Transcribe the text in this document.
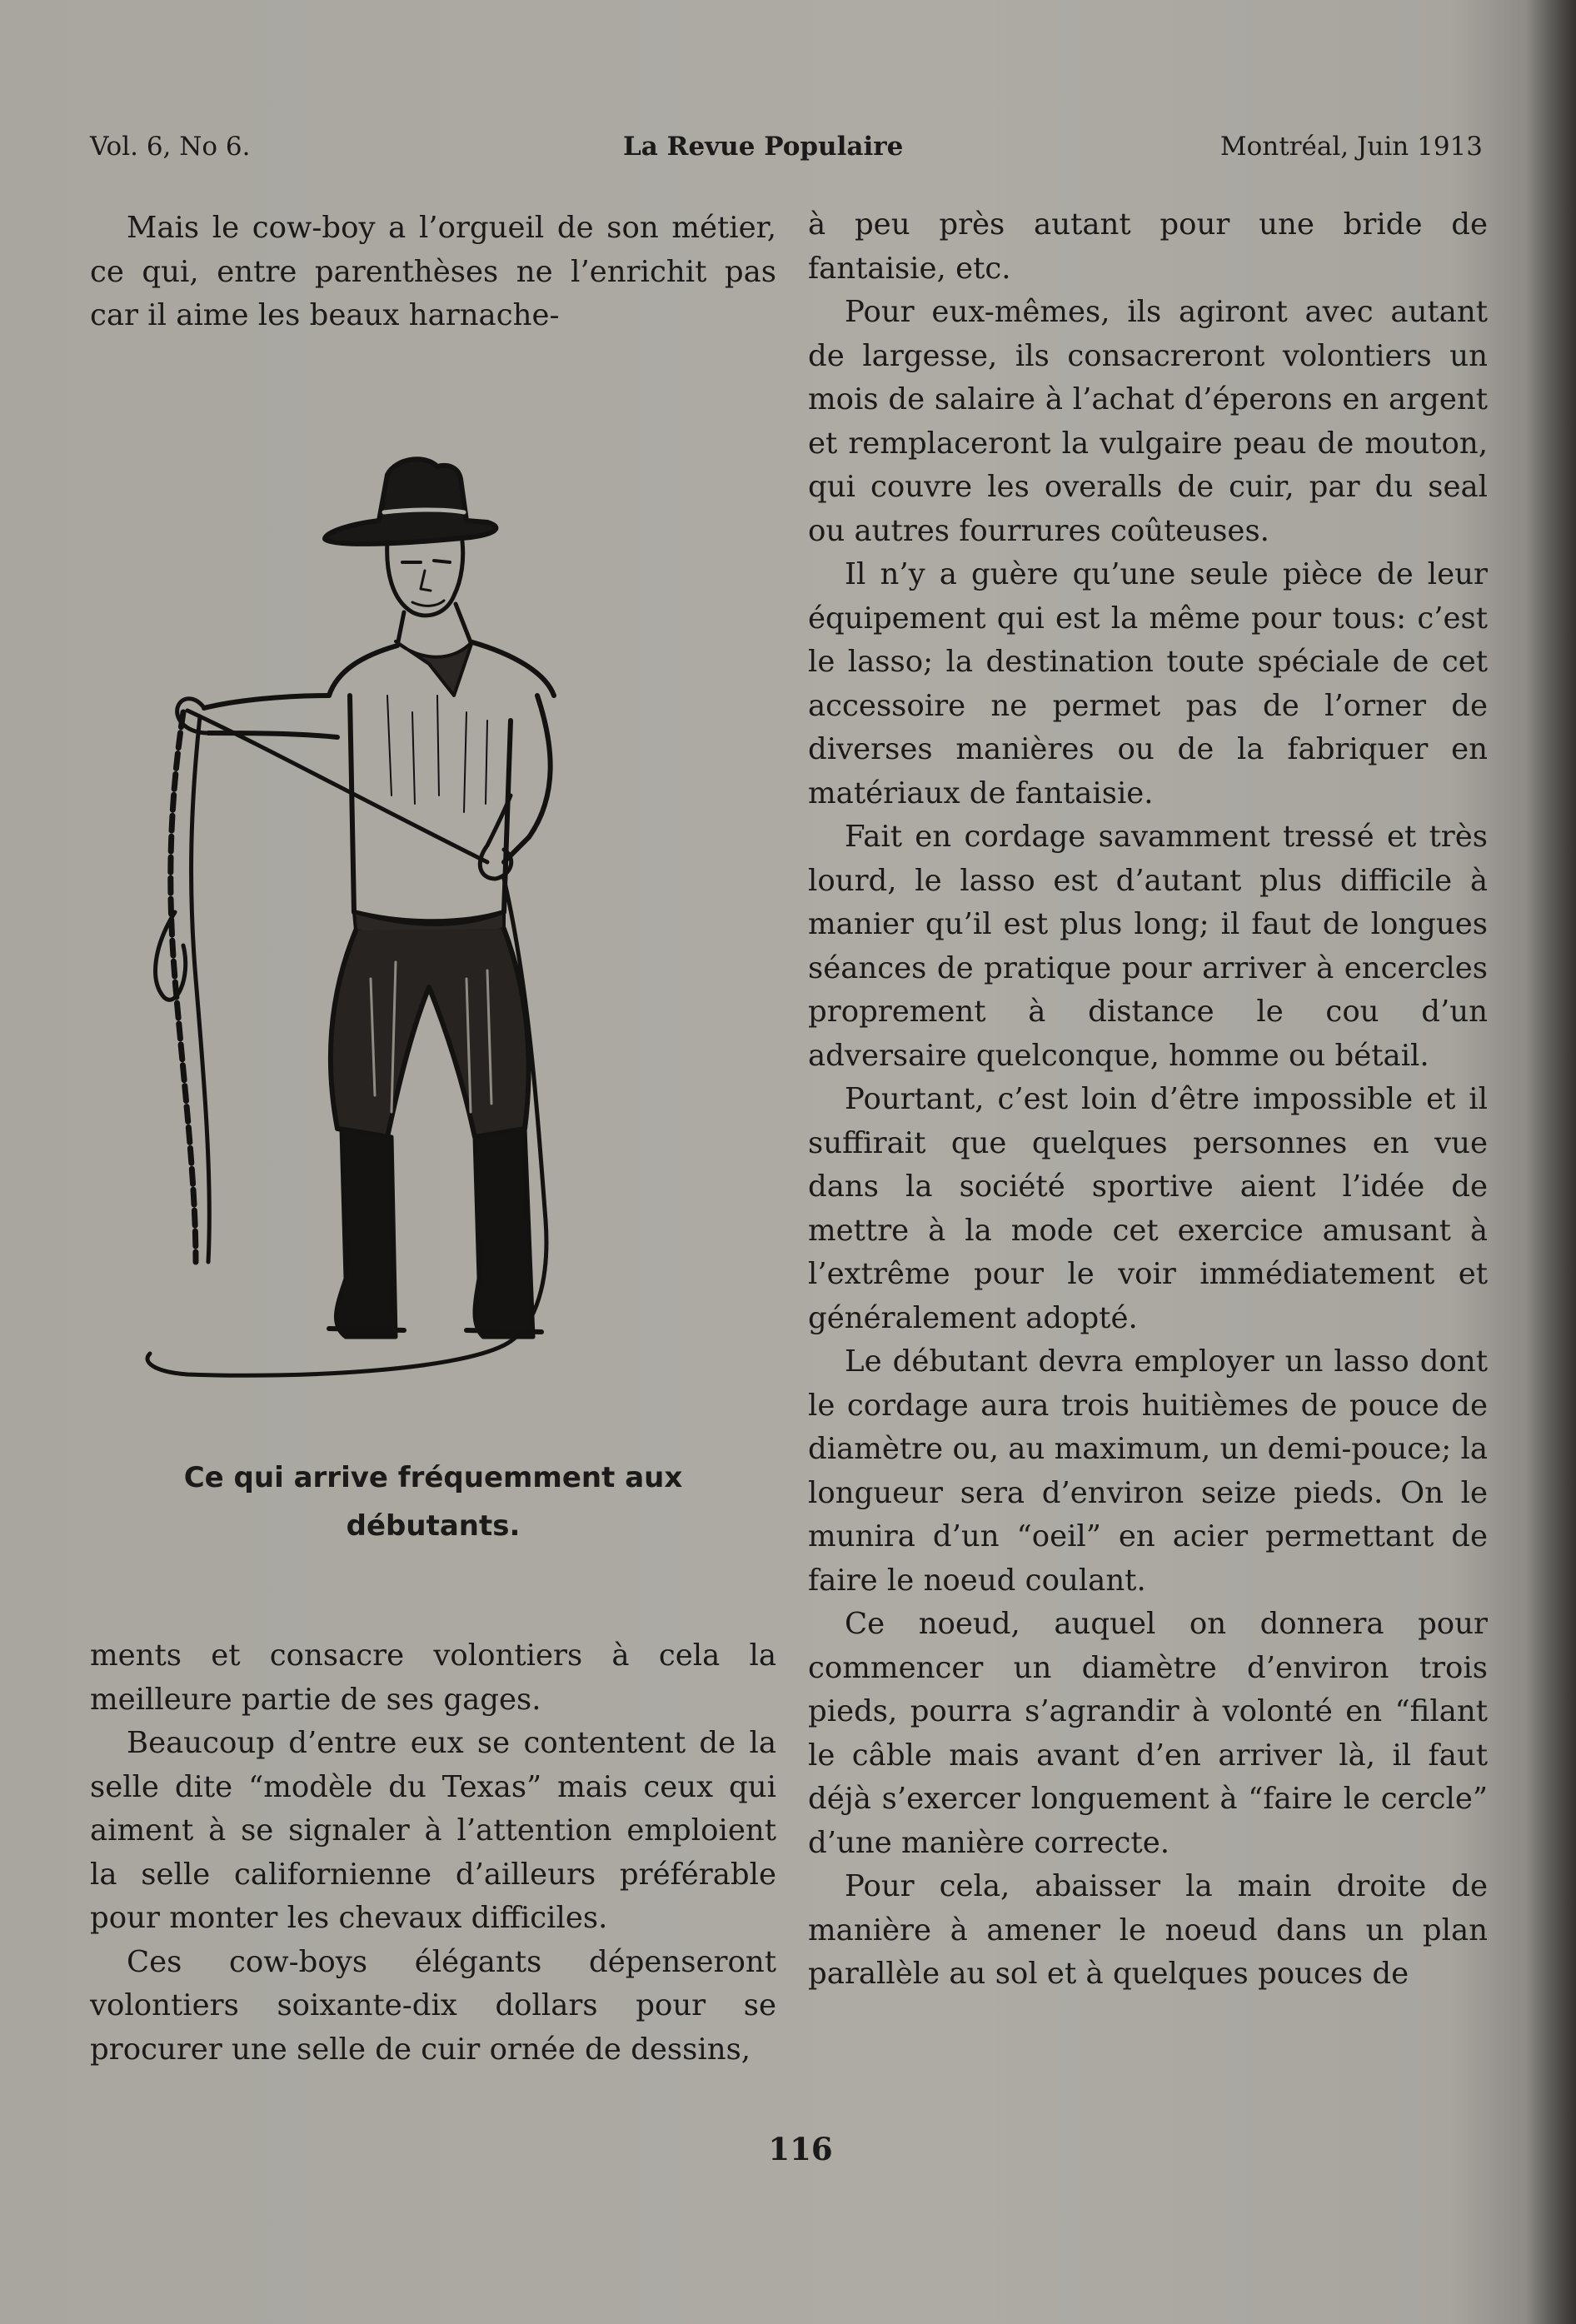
Vol. 6, No 6.	La Revue Populaire	Montréal, Juin 1913

Mais le cow-boy a l’orgueil de son métier, ce qui, entre parenthèses ne l’enrichit pas car il aime les beaux harnache-

Ce qui arrive fréquemment aux débutants.

ments et consacre volontiers à cela la meilleure partie de ses gages.

Beaucoup d’entre eux se contentent de la selle dite “modèle du Texas” mais ceux qui aiment à se signaler à l’attention emploient la selle californienne d’ailleurs préférable pour monter les chevaux difficiles.

Ces cow-boys élégants dépenseront volontiers soixante-dix dollars pour se procurer une selle de cuir ornée de dessins,

à peu près autant pour une bride de fantaisie, etc.

Pour eux-mêmes, ils agiront avec autant de largesse, ils consacreront volontiers un mois de salaire à l’achat d’éperons en argent et remplaceront la vulgaire peau de mouton, qui couvre les overalls de cuir, par du seal ou autres fourrures coûteuses.

Il n’y a guère qu’une seule pièce de leur équipement qui est la même pour tous: c’est le lasso; la destination toute spéciale de cet accessoire ne permet pas de l’orner de diverses manières ou de la fabriquer en matériaux de fantaisie.

Fait en cordage savamment tressé et très lourd, le lasso est d’autant plus difficile à manier qu’il est plus long; il faut de longues séances de pratique pour arriver à encercles proprement à distance le cou d’un adversaire quelconque, homme ou bétail.

Pourtant, c’est loin d’être impossible et il suffirait que quelques personnes en vue dans la société sportive aient l’idée de mettre à la mode cet exercice amusant à l’extrême pour le voir immédiatement et généralement adopté.

Le débutant devra employer un lasso dont le cordage aura trois huitièmes de pouce de diamètre ou, au maximum, un demi-pouce; la longueur sera d’environ seize pieds. On le munira d’un “oeil” en acier permettant de faire le noeud coulant.

Ce noeud, auquel on donnera pour commencer un diamètre d’environ trois pieds, pourra s’agrandir à volonté en “filant le câble mais avant d’en arriver là, il faut déjà s’exercer longuement à “faire le cercle” d’une manière correcte.

Pour cela, abaisser la main droite de manière à amener le noeud dans un plan parallèle au sol et à quelques pouces de

116
